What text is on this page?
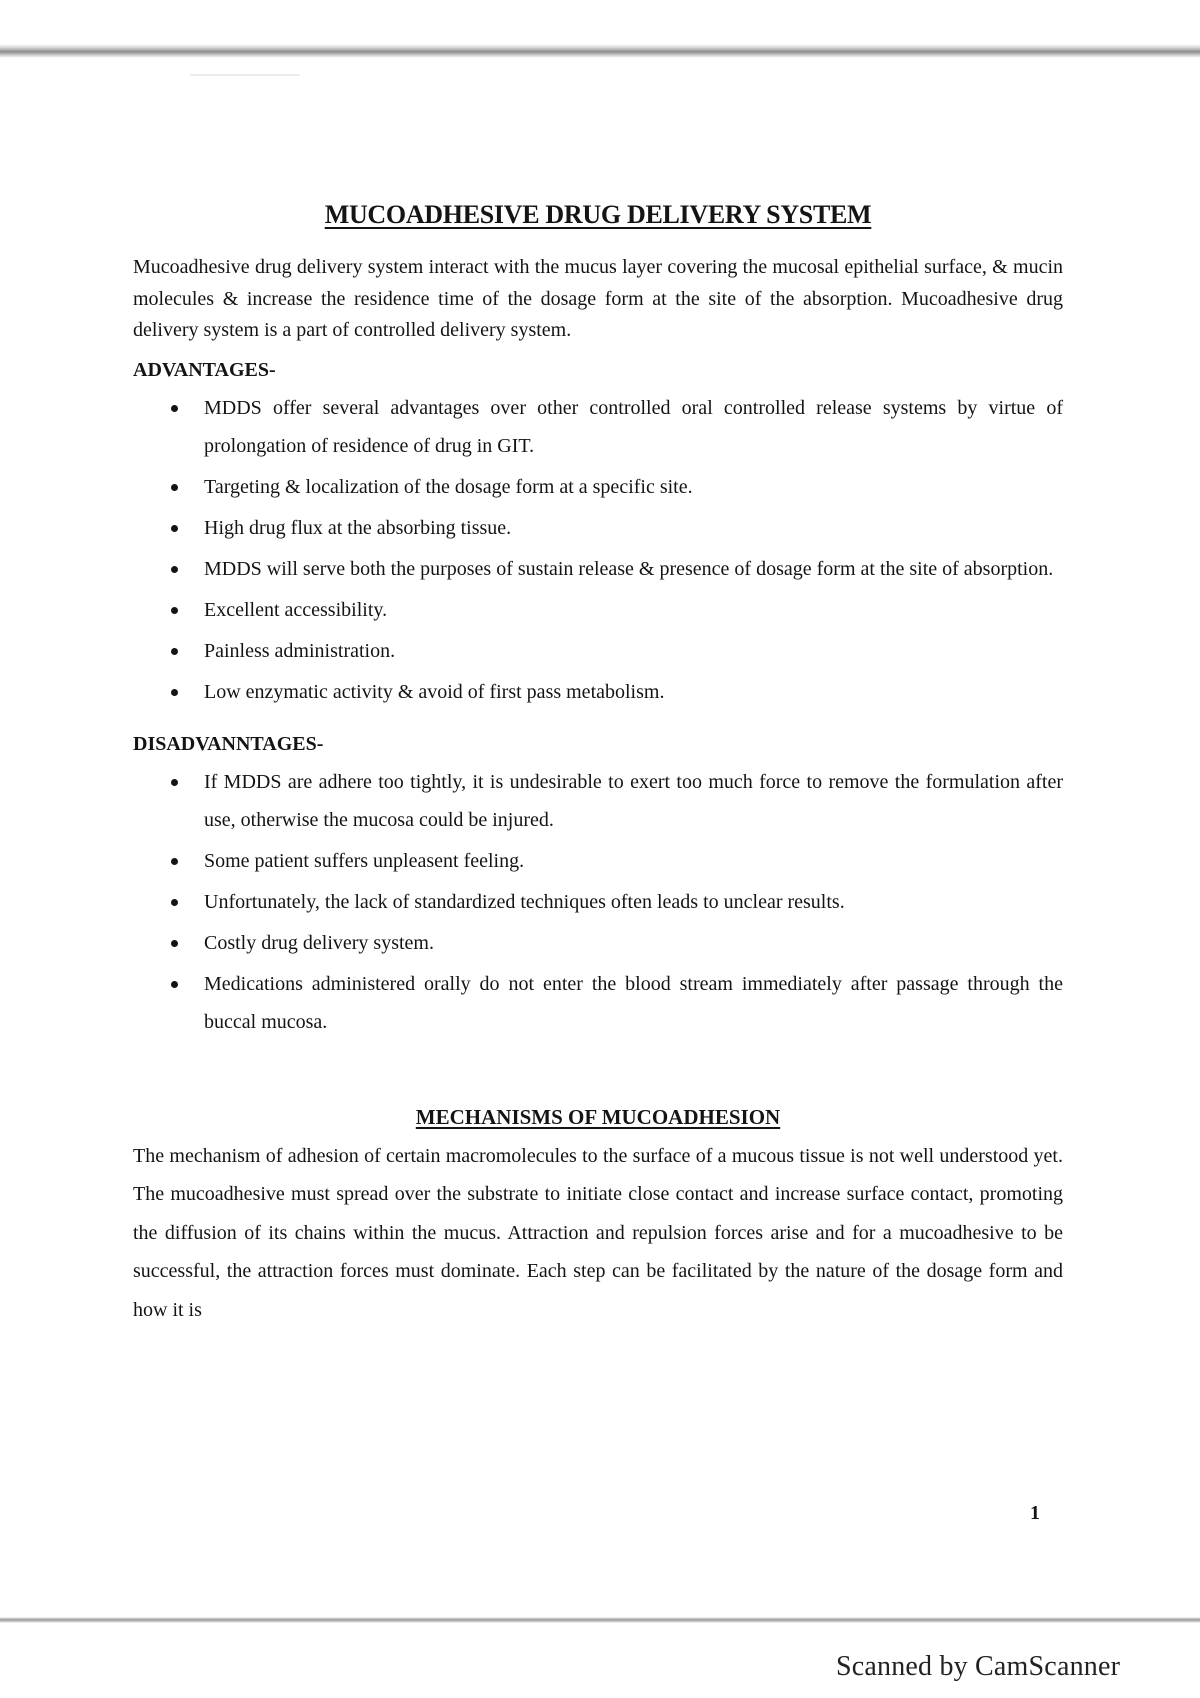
MUCOADHESIVE DRUG DELIVERY SYSTEM

Mucoadhesive drug delivery system interact with the mucus layer covering the mucosal epithelial surface, & mucin molecules & increase the residence time of the dosage form at the site of the absorption. Mucoadhesive drug delivery system is a part of controlled delivery system.

ADVANTAGES-
MDDS offer several advantages over other controlled oral controlled release systems by virtue of prolongation of residence of drug in GIT.
Targeting & localization of the dosage form at a specific site.
High drug flux at the absorbing tissue.
MDDS will serve both the purposes of sustain release & presence of dosage form at the site of absorption.
Excellent accessibility.
Painless administration.
Low enzymatic activity & avoid of first pass metabolism.
DISADVANNTAGES-
If MDDS are adhere too tightly, it is undesirable to exert too much force to remove the formulation after use, otherwise the mucosa could be injured.
Some patient suffers unpleasent feeling.
Unfortunately, the lack of standardized techniques often leads to unclear results.
Costly drug delivery system.
Medications administered orally do not enter the blood stream immediately after passage through the buccal mucosa.
MECHANISMS OF MUCOADHESION

The mechanism of adhesion of certain macromolecules to the surface of a mucous tissue is not well understood yet. The mucoadhesive must spread over the substrate to initiate close contact and increase surface contact, promoting the diffusion of its chains within the mucus. Attraction and repulsion forces arise and for a mucoadhesive to be successful, the attraction forces must dominate. Each step can be facilitated by the nature of the dosage form and how it is

1
Scanned by CamScanner
